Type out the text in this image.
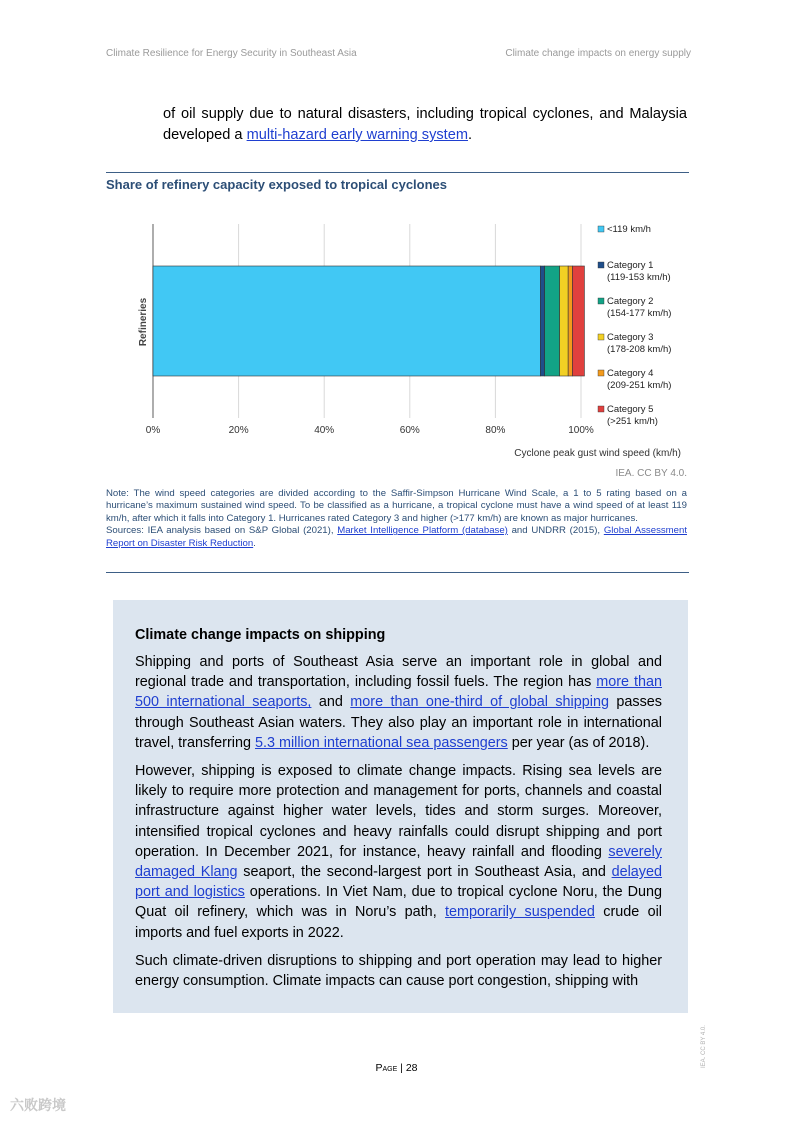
Climate Resilience for Energy Security in Southeast Asia	Climate change impacts on energy supply
of oil supply due to natural disasters, including tropical cyclones, and Malaysia developed a multi-hazard early warning system.
Share of refinery capacity exposed to tropical cyclones
0%	20%	40%	60%	80%	100%
<119 km/h
Category 1
(119-153 km/h)
Category 2
(154-177 km/h)
Category 3
(178-208 km/h)
Category 4
(209-251 km/h)
Category 5
(>251 km/h)
Refineries
Cyclone peak gust wind speed (km/h)
IEA. CC BY 4.0.
Note: The wind speed categories are divided according to the Saffir-Simpson Hurricane Wind Scale, a 1 to 5 rating based on a hurricane’s maximum sustained wind speed. To be classified as a hurricane, a tropical cyclone must have a wind speed of at least 119 km/h, after which it falls into Category 1. Hurricanes rated Category 3 and higher (>177 km/h) are known as major hurricanes.
Sources: IEA analysis based on S&P Global (2021), Market Intelligence Platform (database) and UNDRR (2015), Global Assessment Report on Disaster Risk Reduction.
Climate change impacts on shipping

Shipping and ports of Southeast Asia serve an important role in global and regional trade and transportation, including fossil fuels. The region has more than 500 international seaports, and more than one-third of global shipping passes through Southeast Asian waters. They also play an important role in international travel, transferring 5.3 million international sea passengers per year (as of 2018).

However, shipping is exposed to climate change impacts. Rising sea levels are likely to require more protection and management for ports, channels and coastal infrastructure against higher water levels, tides and storm surges. Moreover, intensified tropical cyclones and heavy rainfalls could disrupt shipping and port operation. In December 2021, for instance, heavy rainfall and flooding severely damaged Klang seaport, the second-largest port in Southeast Asia, and delayed port and logistics operations. In Viet Nam, due to tropical cyclone Noru, the Dung Quat oil refinery, which was in Noru’s path, temporarily suspended crude oil imports and fuel exports in 2022.

Such climate-driven disruptions to shipping and port operation may lead to higher energy consumption. Climate impacts can cause port congestion, shipping with

Page | 28	IEA. CC BY 4.0.
六败跨境
